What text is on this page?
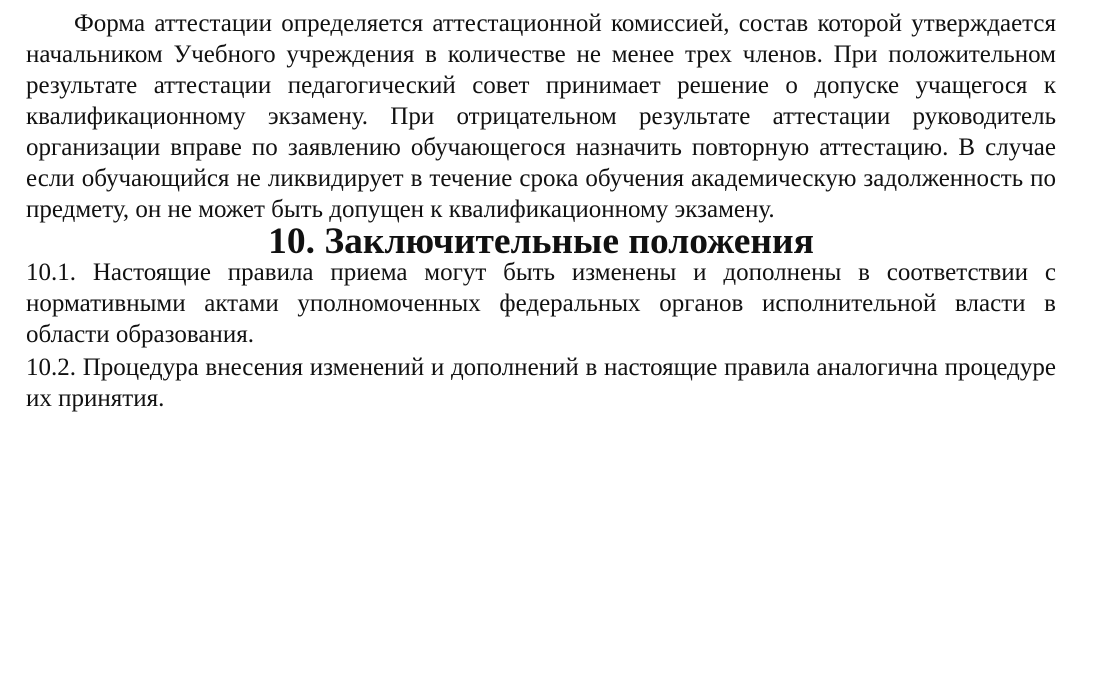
Форма аттестации определяется аттестационной комиссией, состав которой утверждается начальником Учебного учреждения в количестве не менее трех членов. При положительном результате аттестации педагогический совет принимает решение о допуске учащегося к квалификационному экзамену. При отрицательном результате аттестации руководитель организации вправе по заявлению обучающегося назначить повторную аттестацию. В случае если обучающийся не ликвидирует в течение срока обучения академическую задолженность по предмету, он не может быть допущен к квалификационному экзамену.

10. Заключительные положения

10.1. Настоящие правила приема могут быть изменены и дополнены в соответствии с нормативными актами уполномоченных федеральных органов исполнительной власти в области образования.

10.2. Процедура внесения изменений и дополнений в настоящие правила аналогична процедуре их принятия.
